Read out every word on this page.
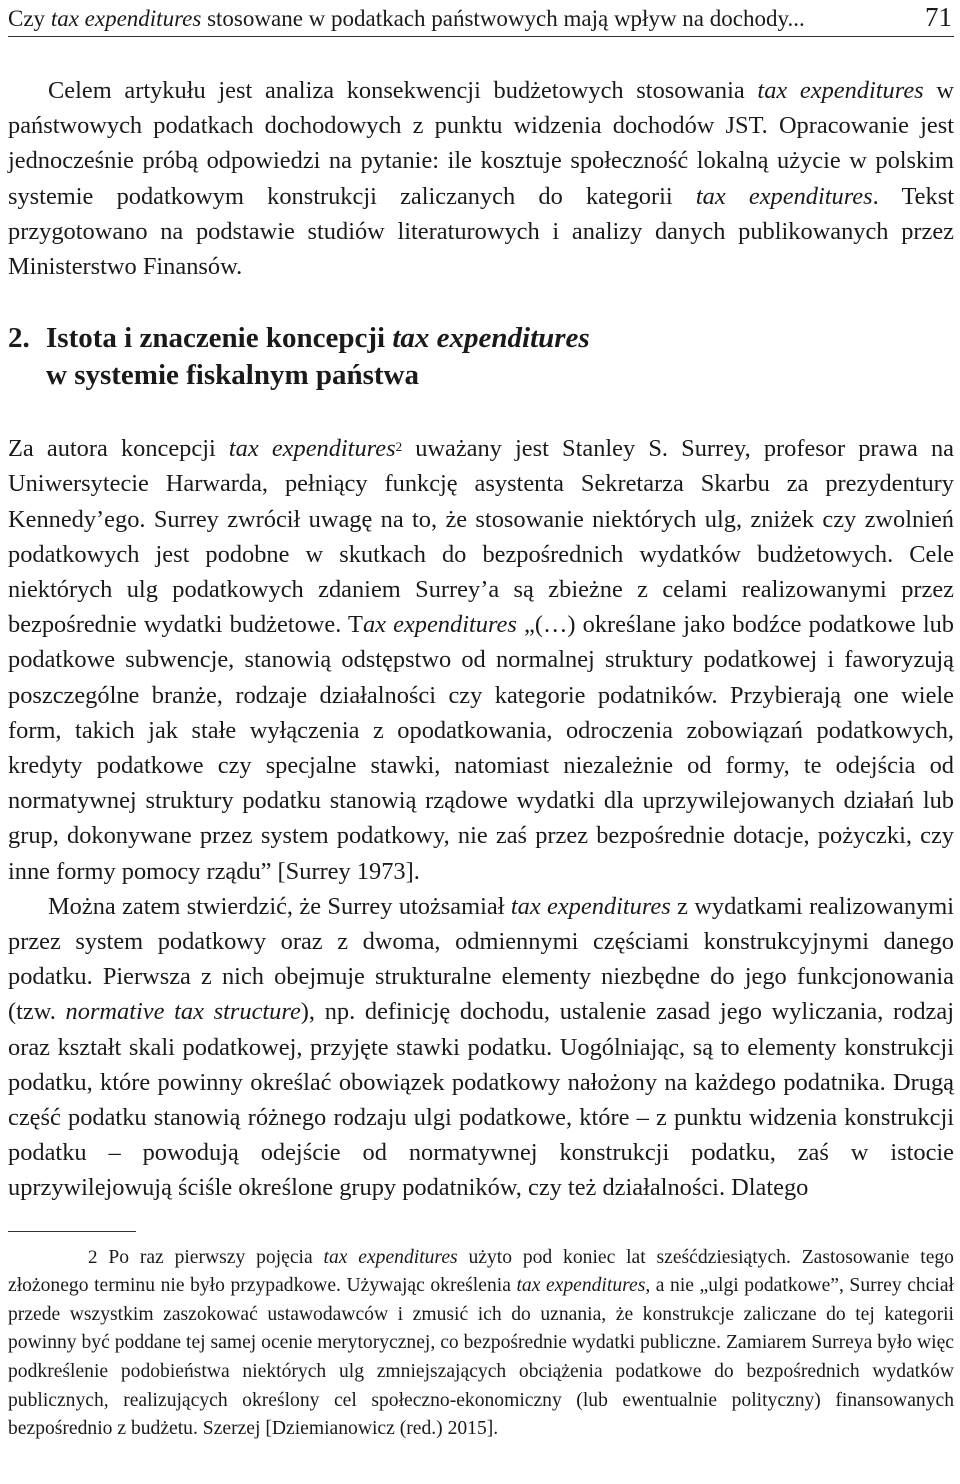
Czy tax expenditures stosowane w podatkach państwowych mają wpływ na dochody...	71

Celem artykułu jest analiza konsekwencji budżetowych stosowania tax expenditures w państwowych podatkach dochodowych z punktu widzenia dochodów JST. Opracowanie jest jednocześnie próbą odpowiedzi na pytanie: ile kosztuje społeczność lokalną użycie w polskim systemie podatkowym konstrukcji zaliczanych do kategorii tax expenditures. Tekst przygotowano na podstawie studiów literaturowych i analizy danych publikowanych przez Ministerstwo Finansów.

2. Istota i znaczenie koncepcji tax expenditures
w systemie fiskalnym państwa

Za autora koncepcji tax expenditures$^2$ uważany jest Stanley S. Surrey, profesor prawa na Uniwersytecie Harwarda, pełniący funkcję asystenta Sekretarza Skarbu za prezydentury Kennedy’ego. Surrey zwrócił uwagę na to, że stosowanie niektórych ulg, zniżek czy zwolnień podatkowych jest podobne w skutkach do bezpośrednich wydatków budżetowych. Cele niektórych ulg podatkowych zdaniem Surrey’a są zbieżne z celami realizowanymi przez bezpośrednie wydatki budżetowe. Tax expenditures „(…) określane jako bodźce podatkowe lub podatkowe subwencje, stanowią odstępstwo od normalnej struktury podatkowej i faworyzują poszczególne branże, rodzaje działalności czy kategorie podatników. Przybierają one wiele form, takich jak stałe wyłączenia z opodatkowania, odroczenia zobowiązań podatkowych, kredyty podatkowe czy specjalne stawki, natomiast niezależnie od formy, te odejścia od normatywnej struktury podatku stanowią rządowe wydatki dla uprzywilejowanych działań lub grup, dokonywane przez system podatkowy, nie zaś przez bezpośrednie dotacje, pożyczki, czy inne formy pomocy rządu” [Surrey 1973].

Można zatem stwierdzić, że Surrey utożsamiał tax expenditures z wydatkami realizowanymi przez system podatkowy oraz z dwoma, odmiennymi częściami konstrukcyjnymi danego podatku. Pierwsza z nich obejmuje strukturalne elementy niezbędne do jego funkcjonowania (tzw. normative tax structure), np. definicję dochodu, ustalenie zasad jego wyliczania, rodzaj oraz kształt skali podatkowej, przyjęte stawki podatku. Uogólniając, są to elementy konstrukcji podatku, które powinny określać obowiązek podatkowy nałożony na każdego podatnika. Drugą część podatku stanowią różnego rodzaju ulgi podatkowe, które – z punktu widzenia konstrukcji podatku – powodują odejście od normatywnej konstrukcji podatku, zaś w istocie uprzywilejowują ściśle określone grupy podatników, czy też działalności. Dlatego

2 Po raz pierwszy pojęcia tax expenditures użyto pod koniec lat sześćdziesiątych. Zastosowanie tego złożonego terminu nie było przypadkowe. Używając określenia tax expenditures, a nie „ulgi podatkowe”, Surrey chciał przede wszystkim zaszokować ustawodawców i zmusić ich do uznania, że konstrukcje zaliczane do tej kategorii powinny być poddane tej samej ocenie merytorycznej, co bezpośrednie wydatki publiczne. Zamiarem Surreya było więc podkreślenie podobieństwa niektórych ulg zmniejszających obciążenia podatkowe do bezpośrednich wydatków publicznych, realizujących określony cel społeczno-ekonomiczny (lub ewentualnie polityczny) finansowanych bezpośrednio z budżetu. Szerzej [Dziemianowicz (red.) 2015].
